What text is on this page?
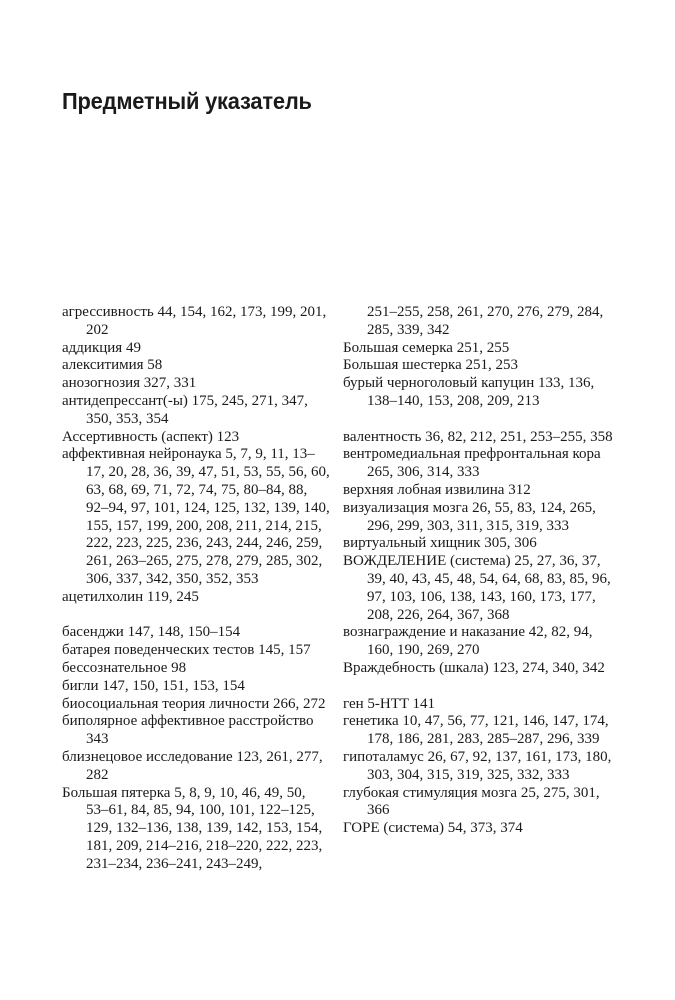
Предметный указатель

агрессивность 44, 154, 162, 173, 199, 201, 202

аддикция 49

алекситимия 58

анозогнозия 327, 331

антидепрессант(-ы) 175, 245, 271, 347, 350, 353, 354

Ассертивность (аспект) 123

аффективная нейронаука 5, 7, 9, 11, 13–17, 20, 28, 36, 39, 47, 51, 53, 55, 56, 60, 63, 68, 69, 71, 72, 74, 75, 80–84, 88, 92–94, 97, 101, 124, 125, 132, 139, 140, 155, 157, 199, 200, 208, 211, 214, 215, 222, 223, 225, 236, 243, 244, 246, 259, 261, 263–265, 275, 278, 279, 285, 302, 306, 337, 342, 350, 352, 353

ацетилхолин 119, 245

басенджи 147, 148, 150–154

батарея поведенческих тестов 145, 157

бессознательное 98

бигли 147, 150, 151, 153, 154

биосоциальная теория личности 266, 272

биполярное аффективное расстройство 343

близнецовое исследование 123, 261, 277, 282

Большая пятерка 5, 8, 9, 10, 46, 49, 50, 53–61, 84, 85, 94, 100, 101, 122–125, 129, 132–136, 138, 139, 142, 153, 154, 181, 209, 214–216, 218–220, 222, 223, 231–234, 236–241, 243–249,

251–255, 258, 261, 270, 276, 279, 284, 285, 339, 342

Большая семерка 251, 255

Большая шестерка 251, 253

бурый черноголовый капуцин 133, 136, 138–140, 153, 208, 209, 213

валентность 36, 82, 212, 251, 253–255, 358

вентромедиальная префронтальная кора 265, 306, 314, 333

верхняя лобная извилина 312

визуализация мозга 26, 55, 83, 124, 265, 296, 299, 303, 311, 315, 319, 333

виртуальный хищник 305, 306

ВОЖДЕЛЕНИЕ (система) 25, 27, 36, 37, 39, 40, 43, 45, 48, 54, 64, 68, 83, 85, 96, 97, 103, 106, 138, 143, 160, 173, 177, 208, 226, 264, 367, 368

вознаграждение и наказание 42, 82, 94, 160, 190, 269, 270

Враждебность (шкала) 123, 274, 340, 342

ген 5-HTT 141

генетика 10, 47, 56, 77, 121, 146, 147, 174, 178, 186, 281, 283, 285–287, 296, 339

гипоталамус 26, 67, 92, 137, 161, 173, 180, 303, 304, 315, 319, 325, 332, 333

глубокая стимуляция мозга 25, 275, 301, 366

ГОРЕ (система) 54, 373, 374
